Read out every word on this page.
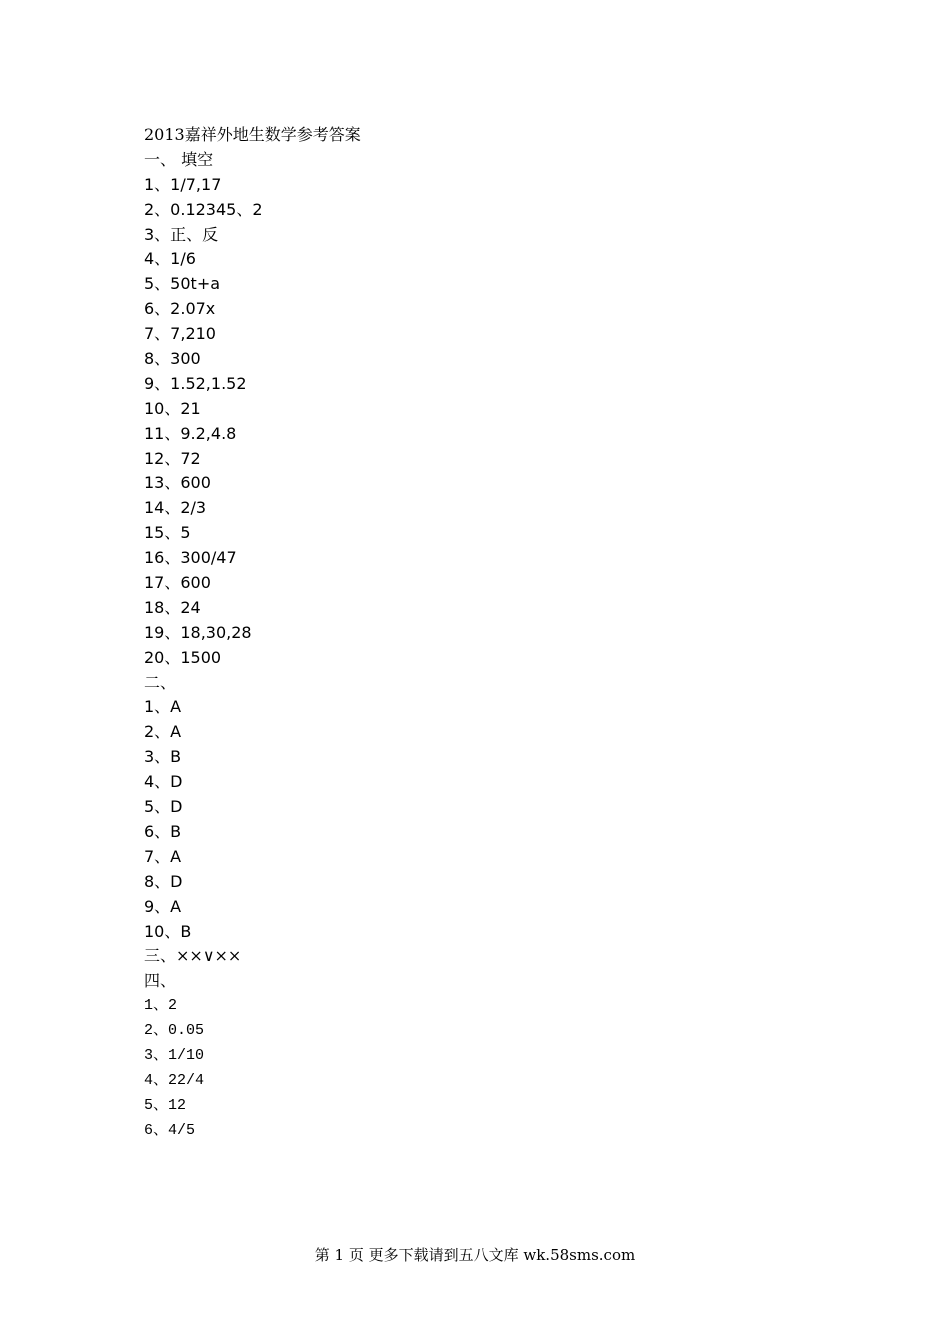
2013嘉祥外地生数学参考答案
一、 填空
1、1/7,17
2、0.12345、2
3、正、反
4、1/6
5、50t+a
6、2.07x
7、7,210
8、300
9、1.52,1.52
10、21
11、9.2,4.8
12、72
13、600
14、2/3
15、5
16、300/47
17、600
18、24
19、18,30,28
20、1500
二、
1、A
2、A
3、B
4、D
5、D
6、B
7、A
8、D
9、A
10、B
三、××∨××
四、
1、2
2、0.05
3、1/10
4、22/4
5、12
6、4/5
第 1 页 更多下载请到五八文库 wk.58sms.com
